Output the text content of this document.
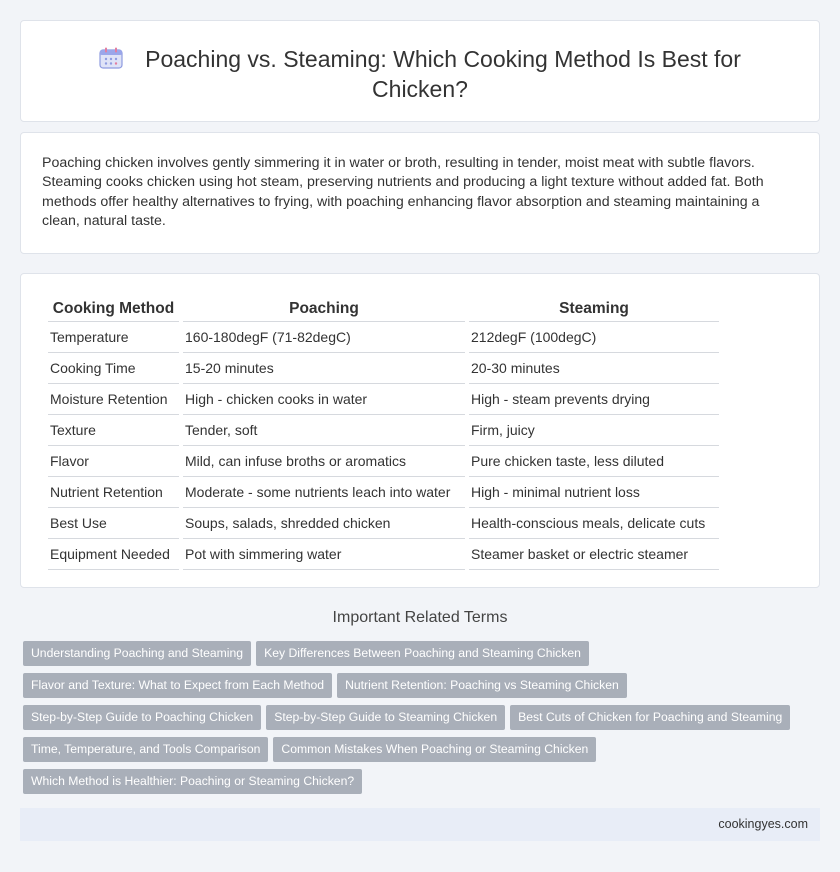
Poaching vs. Steaming: Which Cooking Method Is Best for Chicken?

Poaching chicken involves gently simmering it in water or broth, resulting in tender, moist meat with subtle flavors. Steaming cooks chicken using hot steam, preserving nutrients and producing a light texture without added fat. Both methods offer healthy alternatives to frying, with poaching enhancing flavor absorption and steaming maintaining a clean, natural taste.

Cooking Method	Poaching	Steaming
Temperature	160-180degF (71-82degC)	212degF (100degC)
Cooking Time	15-20 minutes	20-30 minutes
Moisture Retention	High - chicken cooks in water	High - steam prevents drying
Texture	Tender, soft	Firm, juicy
Flavor	Mild, can infuse broths or aromatics	Pure chicken taste, less diluted
Nutrient Retention	Moderate - some nutrients leach into water	High - minimal nutrient loss
Best Use	Soups, salads, shredded chicken	Health-conscious meals, delicate cuts
Equipment Needed	Pot with simmering water	Steamer basket or electric steamer
Important Related Terms
Understanding Poaching and Steaming Key Differences Between Poaching and Steaming Chicken
Flavor and Texture: What to Expect from Each Method Nutrient Retention: Poaching vs Steaming Chicken
Step-by-Step Guide to Poaching Chicken Step-by-Step Guide to Steaming Chicken Best Cuts of Chicken for Poaching and Steaming
Time, Temperature, and Tools Comparison Common Mistakes When Poaching or Steaming Chicken
Which Method is Healthier: Poaching or Steaming Chicken?
cookingyes.com
